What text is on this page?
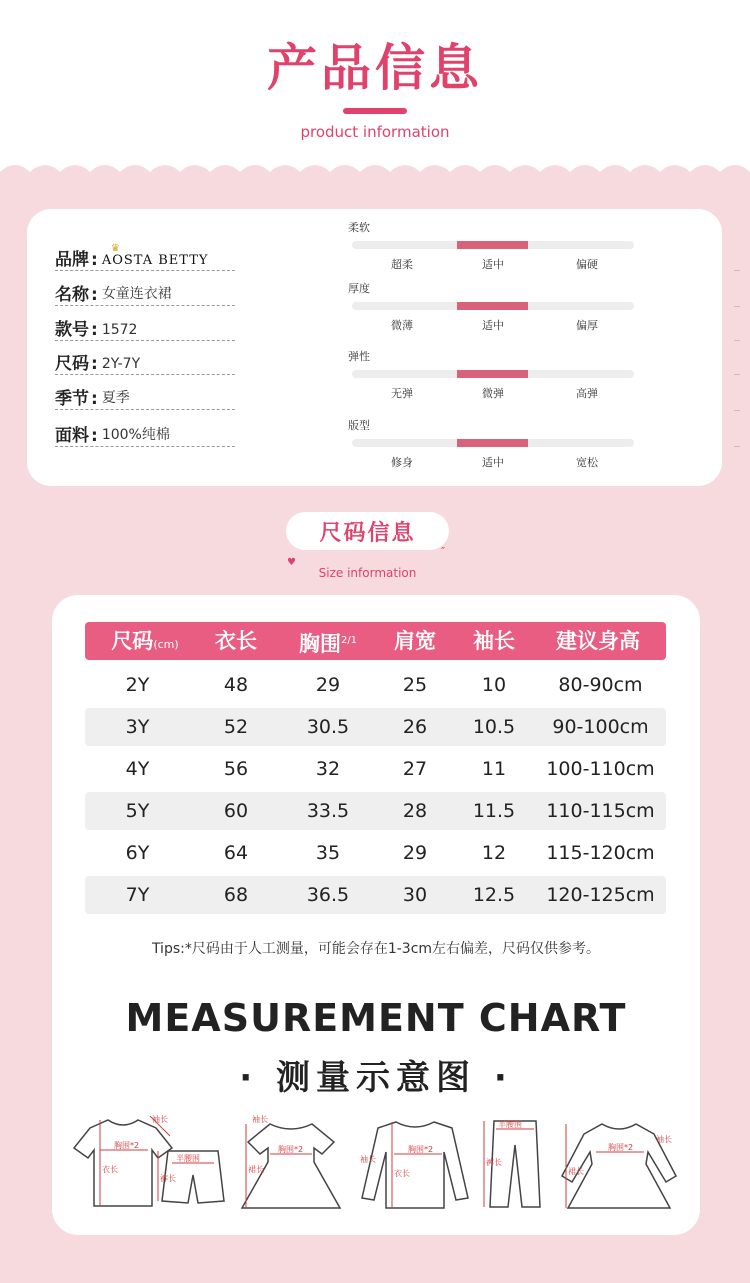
产品信息
product information
品牌 :
♛
AOSTA BETTY
名称 : 女童连衣裙
款号 : 1572
尺码 : 2Y-7Y
季节 : 夏季
面料 : 100%纯棉
柔软
超柔	适中	偏硬
厚度
微薄	适中	偏厚
弹性
无弹	微弹	高弹
版型
修身	适中	宽松
尺码信息
♥
″
Size information
尺码(cm)	衣长	胸围$^{2/1}$	肩宽	袖长	建议身高
2Y	48	29	25	10	80-90cm
3Y	52	30.5	26	10.5	90-100cm
4Y	56	32	27	11	100-110cm
5Y	60	33.5	28	11.5	110-115cm
6Y	64	35	29	12	115-120cm
7Y	68	36.5	30	12.5	120-125cm
Tips:*尺码由于人工测量，可能会存在1-3cm左右偏差，尺码仅供参考。
MEASUREMENT CHART
· 测量示意图 ·
胸围*2
衣长
袖长
半腰围
裤长
胸围*2
裙长
袖长
胸围*2
衣长
袖长
半腰围
裤长
胸围*2
裙长
袖长
